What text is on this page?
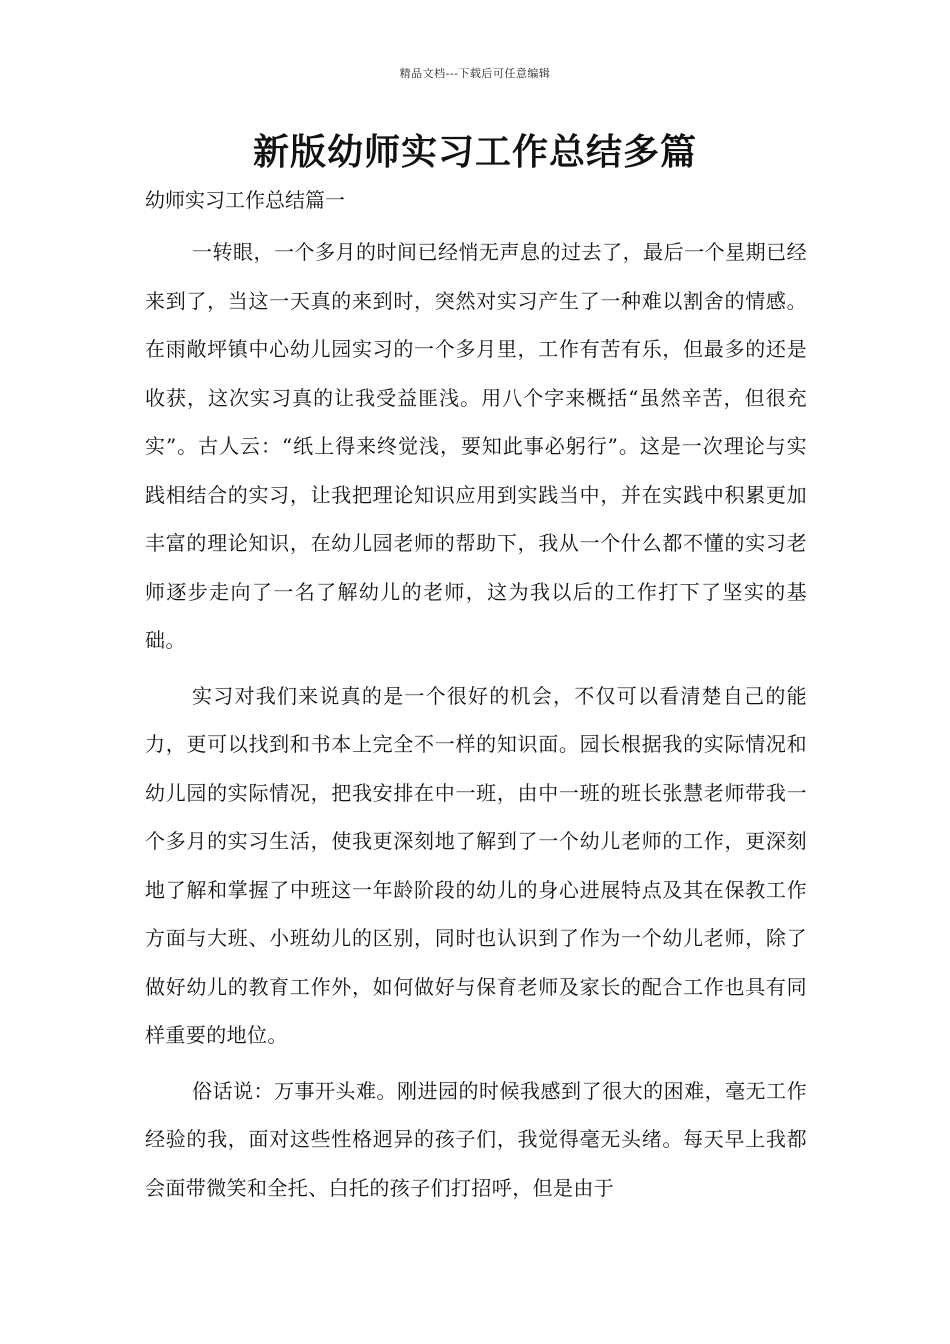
精品文档---下载后可任意编辑
新版幼师实习工作总结多篇
幼师实习工作总结篇一

一转眼，一个多月的时间已经悄无声息的过去了，最后一个星期已经来到了，当这一天真的来到时，突然对实习产生了一种难以割舍的情感。在雨敞坪镇中心幼儿园实习的一个多月里，工作有苦有乐，但最多的还是收获，这次实习真的让我受益匪浅。用八个字来概括“虽然辛苦，但很充实”。古人云：“纸上得来终觉浅，要知此事必躬行”。这是一次理论与实践相结合的实习，让我把理论知识应用到实践当中，并在实践中积累更加丰富的理论知识，在幼儿园老师的帮助下，我从一个什么都不懂的实习老师逐步走向了一名了解幼儿的老师，这为我以后的工作打下了坚实的基础。

实习对我们来说真的是一个很好的机会，不仅可以看清楚自己的能力，更可以找到和书本上完全不一样的知识面。园长根据我的实际情况和幼儿园的实际情况，把我安排在中一班，由中一班的班长张慧老师带我一个多月的实习生活，使我更深刻地了解到了一个幼儿老师的工作，更深刻地了解和掌握了中班这一年龄阶段的幼儿的身心进展特点及其在保教工作方面与大班、小班幼儿的区别，同时也认识到了作为一个幼儿老师，除了做好幼儿的教育工作外，如何做好与保育老师及家长的配合工作也具有同样重要的地位。

俗话说：万事开头难。刚进园的时候我感到了很大的困难，毫无工作经验的我，面对这些性格迥异的孩子们，我觉得毫无头绪。每天早上我都会面带微笑和全托、白托的孩子们打招呼，但是由于
